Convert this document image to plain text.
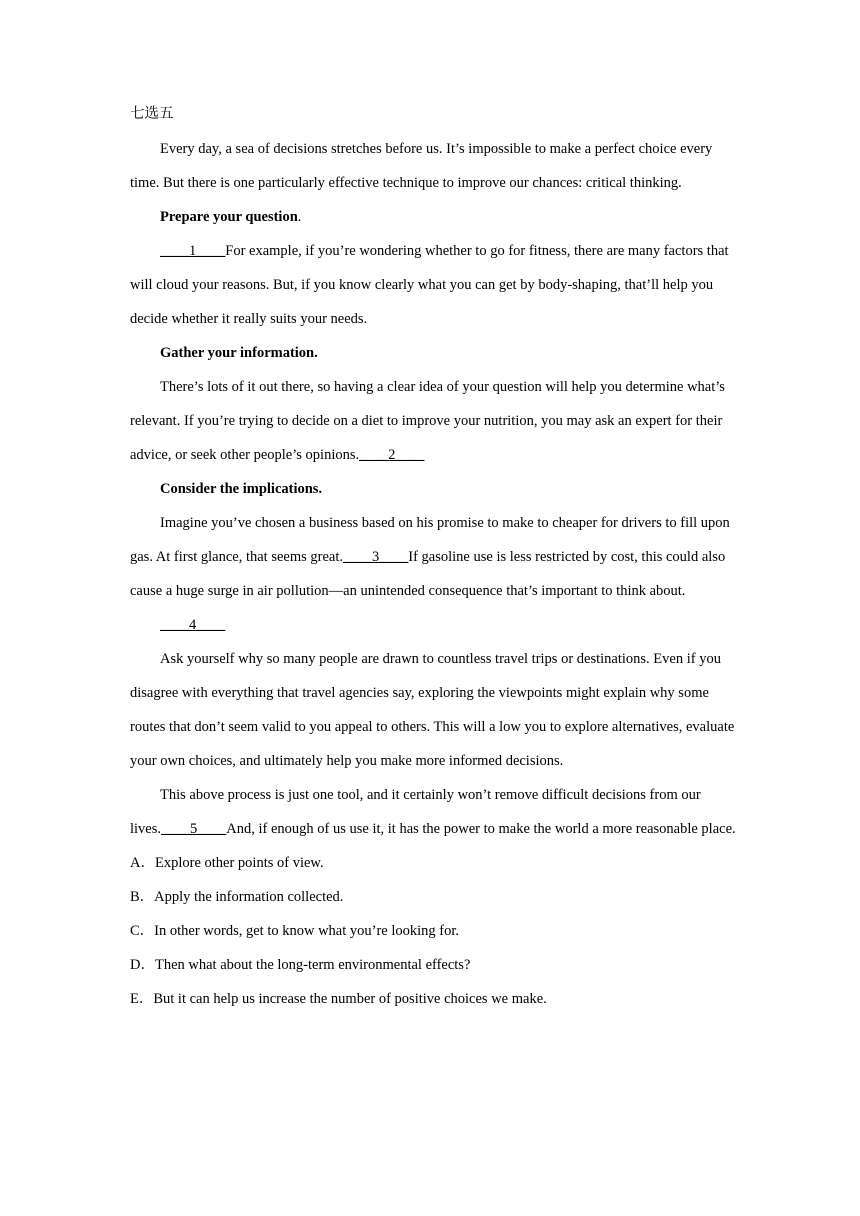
七选五

Every day, a sea of decisions stretches before us. It’s impossible to make a perfect choice every time. But there is one particularly effective technique to improve our chances: critical thinking.

Prepare your question.

____1____For example, if you’re wondering whether to go for fitness, there are many factors that will cloud your reasons. But, if you know clearly what you can get by body-shaping, that’ll help you decide whether it really suits your needs.

Gather your information.

There’s lots of it out there, so having a clear idea of your question will help you determine what’s relevant. If you’re trying to decide on a diet to improve your nutrition, you may ask an expert for their advice, or seek other people’s opinions.____2____

Consider the implications.

Imagine you’ve chosen a business based on his promise to make to cheaper for drivers to fill upon gas. At first glance, that seems great.____3____If gasoline use is less restricted by cost, this could also cause a huge surge in air pollution—an unintended consequence that’s important to think about.

____4____

Ask yourself why so many people are drawn to countless travel trips or destinations. Even if you disagree with everything that travel agencies say, exploring the viewpoints might explain why some routes that don’t seem valid to you appeal to others. This will a low you to explore alternatives, evaluate your own choices, and ultimately help you make more informed decisions.

This above process is just one tool, and it certainly won’t remove difficult decisions from our lives.____5____And, if enough of us use it, it has the power to make the world a more reasonable place.

A．Explore other points of view.

B．Apply the information collected.

C．In other words, get to know what you’re looking for.

D．Then what about the long-term environmental effects?

E．But it can help us increase the number of positive choices we make.
